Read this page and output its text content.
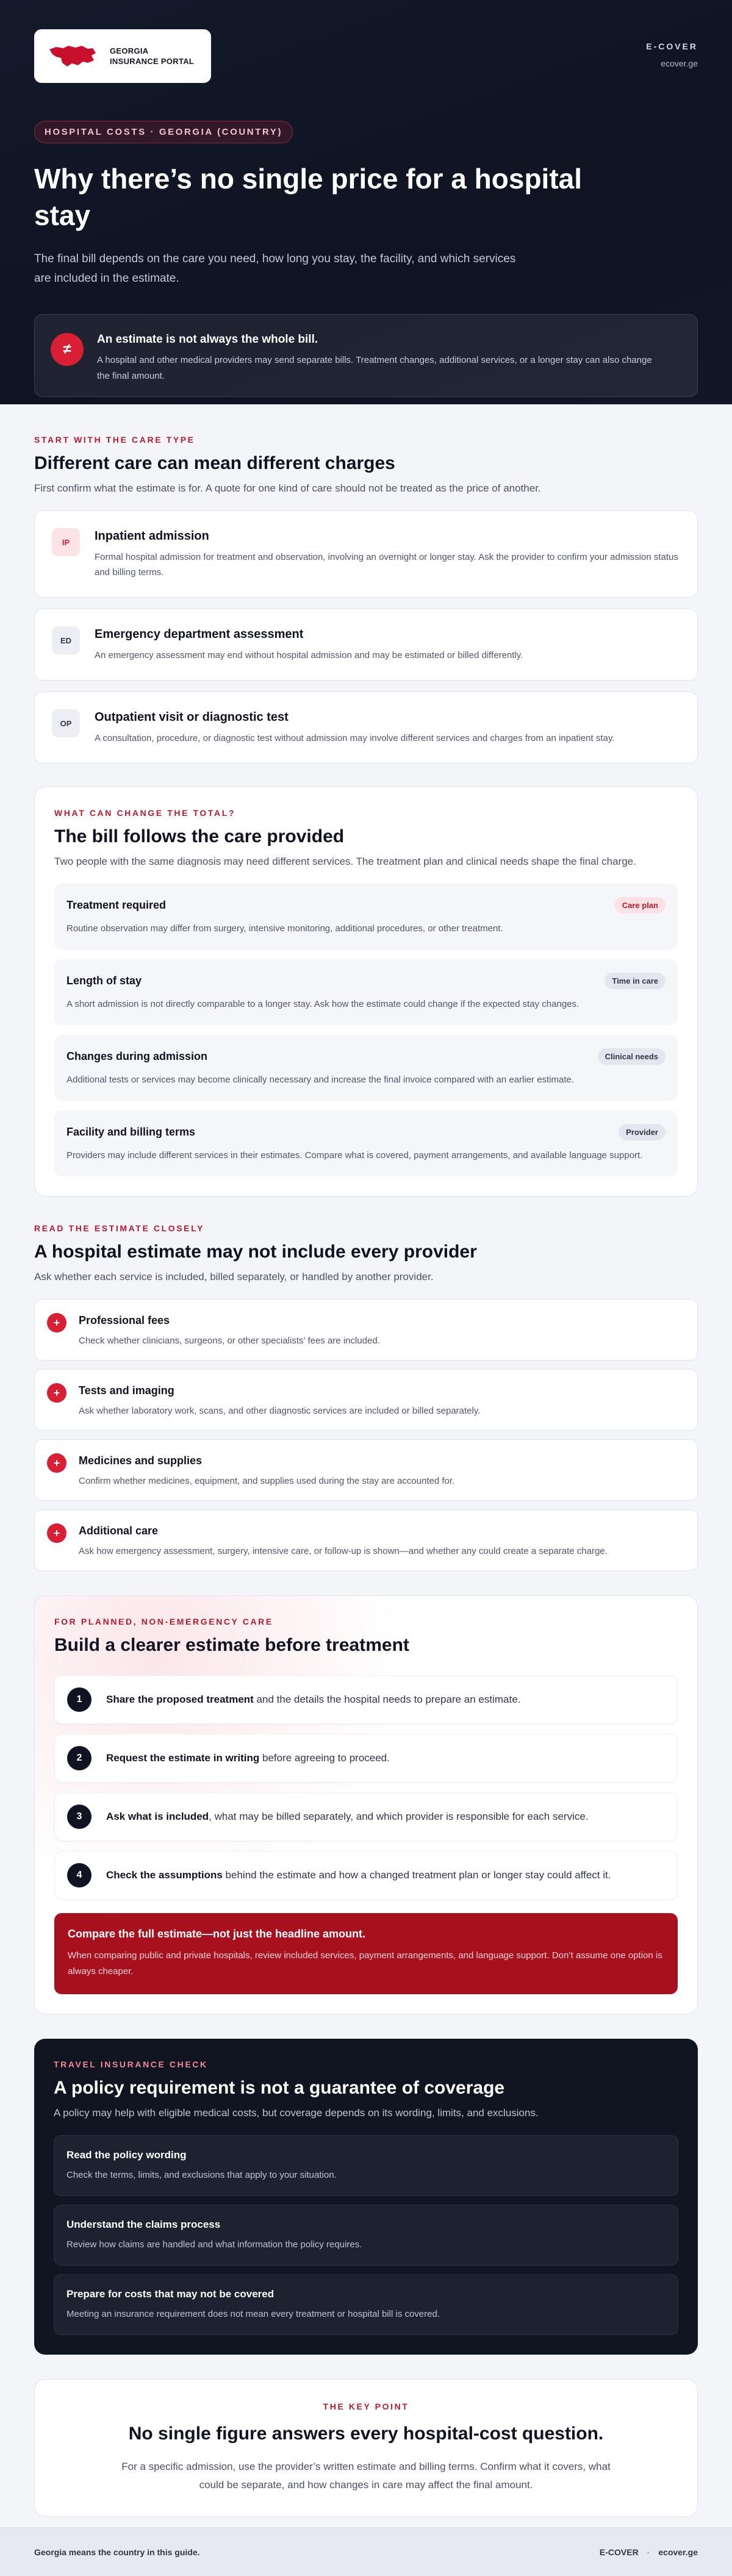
GEORGIA
INSURANCE PORTAL
E-COVER
ecover.ge
HOSPITAL COSTS · GEORGIA (COUNTRY)
Why there’s no single price for a hospital stay

The final bill depends on the care you need, how long you stay, the facility, and which services are included in the estimate.

≠
An estimate is not always the whole bill.
A hospital and other medical providers may send separate bills. Treatment changes, additional services, or a longer stay can also change the final amount.
START WITH THE CARE TYPE
Different care can mean different charges

First confirm what the estimate is for. A quote for one kind of care should not be treated as the price of another.

IP	Inpatient admission
Formal hospital admission for treatment and observation, involving an overnight or longer stay. Ask the provider to confirm your admission status and billing terms.
ED	Emergency department assessment
An emergency assessment may end without hospital admission and may be estimated or billed differently.
OP	Outpatient visit or diagnostic test
A consultation, procedure, or diagnostic test without admission may involve different services and charges from an inpatient stay.
WHAT CAN CHANGE THE TOTAL?
The bill follows the care provided

Two people with the same diagnosis may need different services. The treatment plan and clinical needs shape the final charge.

Treatment required	Care plan
Routine observation may differ from surgery, intensive monitoring, additional procedures, or other treatment.
Length of stay	Time in care
A short admission is not directly comparable to a longer stay. Ask how the estimate could change if the expected stay changes.
Changes during admission	Clinical needs
Additional tests or services may become clinically necessary and increase the final invoice compared with an earlier estimate.
Facility and billing terms	Provider
Providers may include different services in their estimates. Compare what is covered, payment arrangements, and available language support.
READ THE ESTIMATE CLOSELY
A hospital estimate may not include every provider

Ask whether each service is included, billed separately, or handled by another provider.

+	Professional fees
Check whether clinicians, surgeons, or other specialists’ fees are included.
+	Tests and imaging
Ask whether laboratory work, scans, and other diagnostic services are included or billed separately.
+	Medicines and supplies
Confirm whether medicines, equipment, and supplies used during the stay are accounted for.
+	Additional care
Ask how emergency assessment, surgery, intensive care, or follow-up is shown—and whether any could create a separate charge.
FOR PLANNED, NON-EMERGENCY CARE
Build a clearer estimate before treatment
1	Share the proposed treatment and the details the hospital needs to prepare an estimate.
2	Request the estimate in writing before agreeing to proceed.
3	Ask what is included, what may be billed separately, and which provider is responsible for each service.
4	Check the assumptions behind the estimate and how a changed treatment plan or longer stay could affect it.
Compare the full estimate—not just the headline amount.
When comparing public and private hospitals, review included services, payment arrangements, and language support. Don’t assume one option is always cheaper.
TRAVEL INSURANCE CHECK
A policy requirement is not a guarantee of coverage

A policy may help with eligible medical costs, but coverage depends on its wording, limits, and exclusions.

Read the policy wording
Check the terms, limits, and exclusions that apply to your situation.
Understand the claims process
Review how claims are handled and what information the policy requires.
Prepare for costs that may not be covered
Meeting an insurance requirement does not mean every treatment or hospital bill is covered.
THE KEY POINT
No single figure answers every hospital-cost question.

For a specific admission, use the provider’s written estimate and billing terms. Confirm what it covers, what could be separate, and how changes in care may affect the final amount.

Georgia means the country in this guide.	E-COVER · ecover.ge
